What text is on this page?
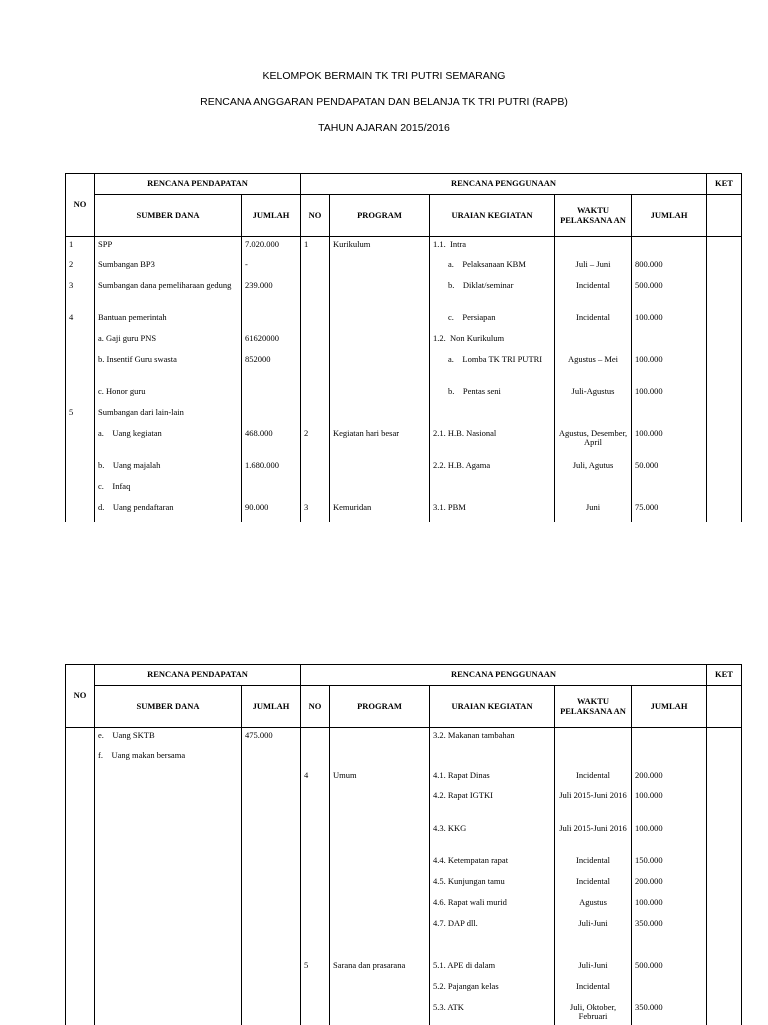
KELOMPOK BERMAIN TK TRI PUTRI SEMARANG
RENCANA ANGGARAN PENDAPATAN DAN BELANJA TK TRI PUTRI (RAPB)
TAHUN AJARAN 2015/2016
NO	RENCANA PENDAPATAN		RENCANA PENGGUNAAN					KET
	SUMBER DANA	JUMLAH	NO	PROGRAM	URAIAN KEGIATAN	WAKTU PELAKSANA AN	JUMLAH	
1	SPP	7.020.000	1	Kurikulum	1.1.  Intra			
2	Sumbangan BP3	-			a.    Pelaksanaan KBM	Juli – Juni	800.000	
3	Sumbangan dana pemeliharaan gedung	239.000			b.    Diklat/seminar	Incidental	500.000	
4	Bantuan pemerintah				c.    Persiapan	Incidental	100.000	
	a. Gaji guru PNS	61620000			1.2.  Non Kurikulum			
	b. Insentif Guru swasta	852000			a.    Lomba TK TRI PUTRI	Agustus – Mei	100.000	
	c. Honor guru				b.    Pentas seni	Juli-Agustus	100.000	
5	Sumbangan dari lain-lain							
	a.    Uang kegiatan	468.000	2	Kegiatan hari besar	2.1. H.B. Nasional	Agustus, Desember, April	100.000	
	b.    Uang majalah	1.680.000			2.2. H.B. Agama	Juli, Agutus	50.000	
	c.    Infaq							
	d.    Uang pendaftaran	90.000	3	Kemuridan	3.1. PBM	Juni	75.000	
NO	RENCANA PENDAPATAN		RENCANA PENGGUNAAN					KET
	SUMBER DANA	JUMLAH	NO	PROGRAM	URAIAN KEGIATAN	WAKTU PELAKSANA AN	JUMLAH	
	e.    Uang SKTB	475.000			3.2. Makanan tambahan			
	f.    Uang makan bersama							
			4	Umum	4.1. Rapat Dinas	Incidental	200.000	
					4.2. Rapat IGTKI	Juli 2015-Juni 2016	100.000	
					4.3. KKG	Juli 2015-Juni 2016	100.000	
					4.4. Ketempatan rapat	Incidental	150.000	
					4.5. Kunjungan tamu	Incidental	200.000	
					4.6. Rapat wali murid	Agustus	100.000	
					4.7. DAP dll.	Juli-Juni	350.000	
			5	Sarana dan prasarana	5.1. APE di dalam	Juli-Juni	500.000	
					5.2. Pajangan kelas	Incidental		
					5.3. ATK	Juli, Oktober, Februari	350.000	
